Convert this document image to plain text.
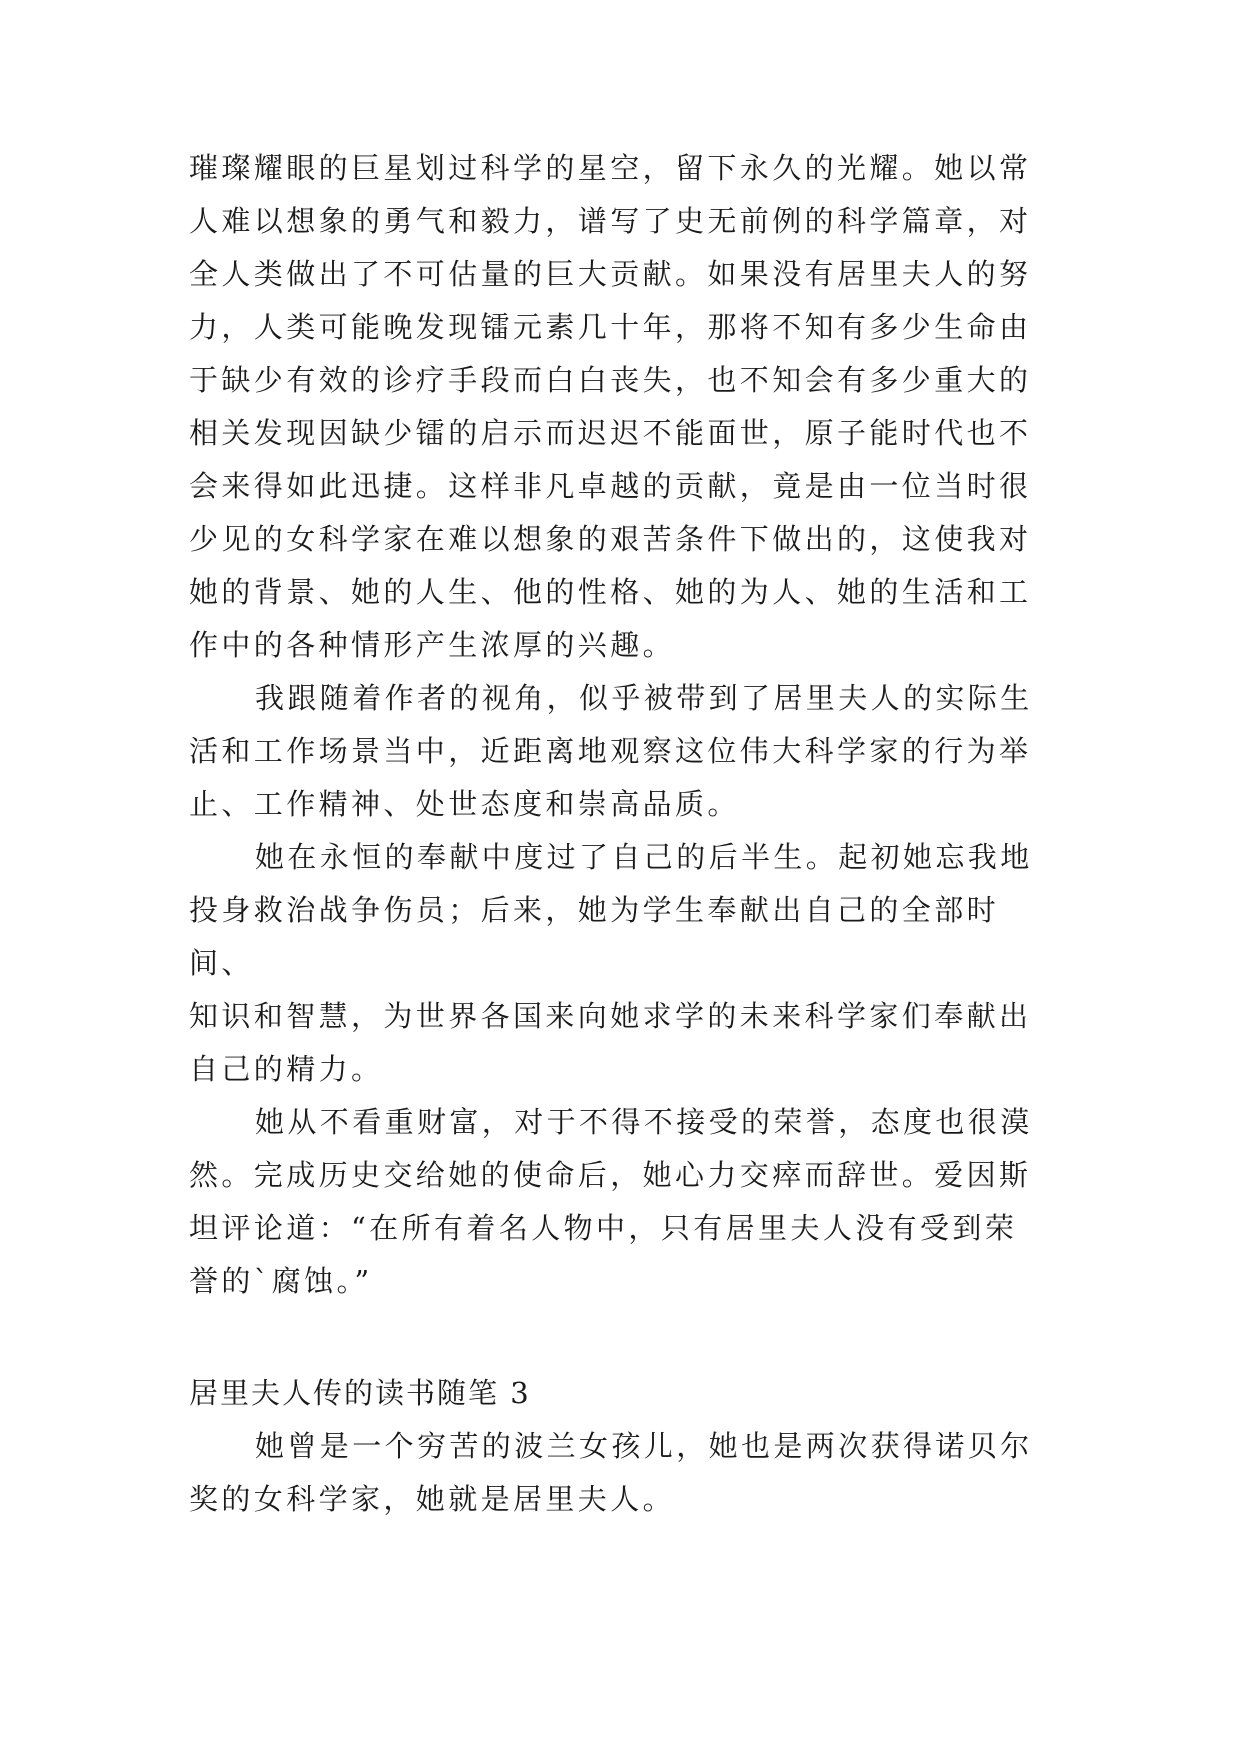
璀璨耀眼的巨星划过科学的星空，留下永久的光耀。她以常
人难以想象的勇气和毅力，谱写了史无前例的科学篇章，对
全人类做出了不可估量的巨大贡献。如果没有居里夫人的努
力，人类可能晚发现镭元素几十年，那将不知有多少生命由
于缺少有效的诊疗手段而白白丧失，也不知会有多少重大的
相关发现因缺少镭的启示而迟迟不能面世，原子能时代也不
会来得如此迅捷。这样非凡卓越的贡献，竟是由一位当时很
少见的女科学家在难以想象的艰苦条件下做出的，这使我对
她的背景、她的人生、他的性格、她的为人、她的生活和工
作中的各种情形产生浓厚的兴趣。

我跟随着作者的视角，似乎被带到了居里夫人的实际生
活和工作场景当中，近距离地观察这位伟大科学家的行为举
止、工作精神、处世态度和崇高品质。

她在永恒的奉献中度过了自己的后半生。起初她忘我地
投身救治战争伤员；后来，她为学生奉献出自己的全部时间、
知识和智慧，为世界各国来向她求学的未来科学家们奉献出
自己的精力。

她从不看重财富，对于不得不接受的荣誉，态度也很漠
然。完成历史交给她的使命后，她心力交瘁而辞世。爱因斯
坦评论道：“在所有着名人物中，只有居里夫人没有受到荣
誉的`腐蚀。”

居里夫人传的读书随笔 3

她曾是一个穷苦的波兰女孩儿，她也是两次获得诺贝尔
奖的女科学家，她就是居里夫人。
